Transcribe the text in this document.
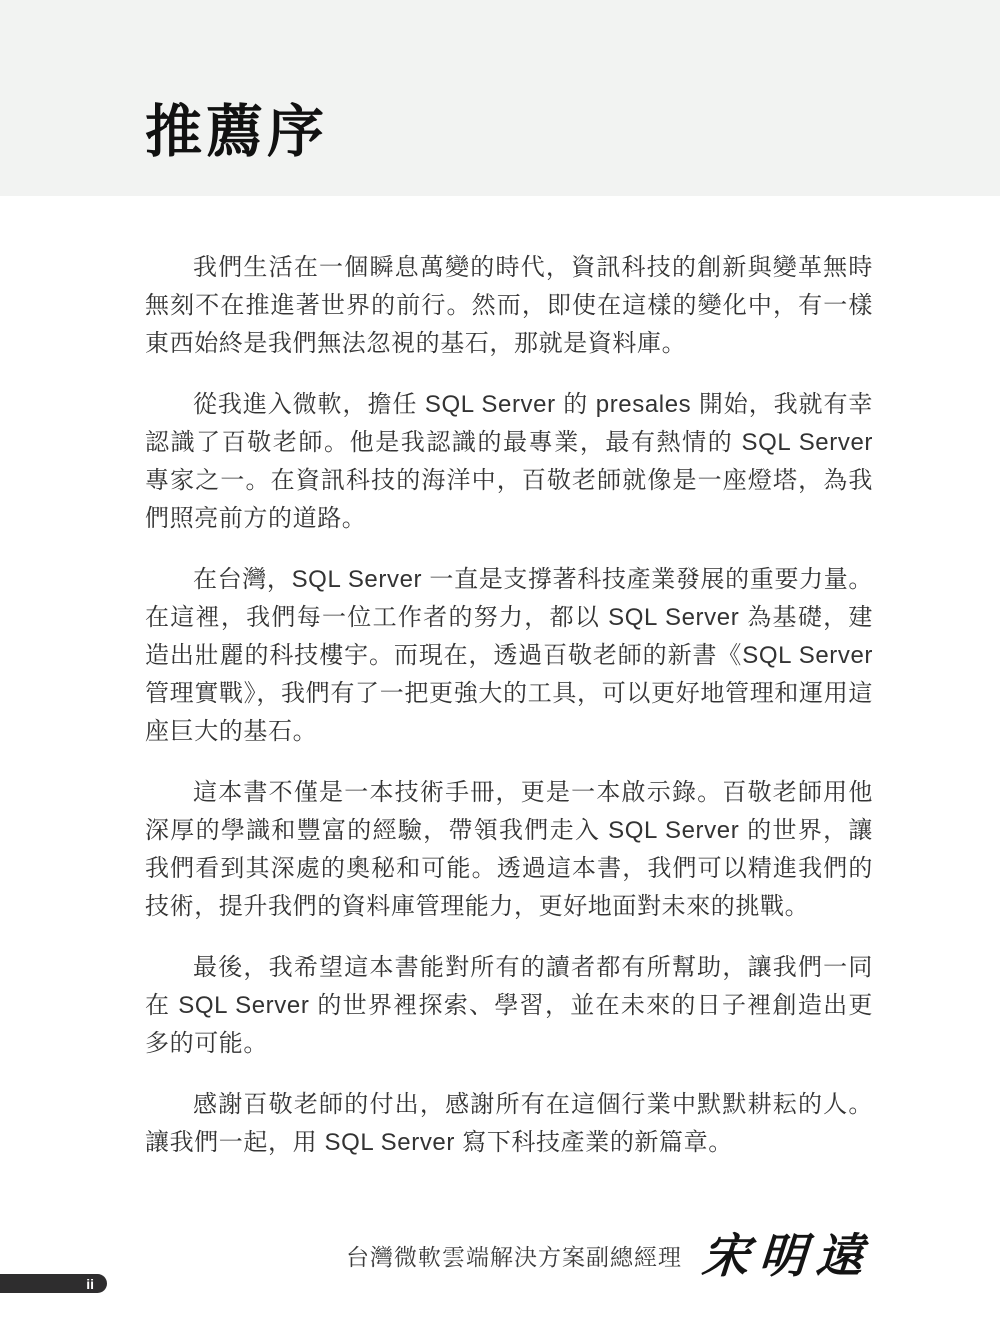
推薦序

我們生活在一個瞬息萬變的時代，資訊科技的創新與變革無時無刻不在推進著世界的前行。然而，即使在這樣的變化中，有一樣東西始終是我們無法忽視的基石，那就是資料庫。

從我進入微軟，擔任 SQL Server 的 presales 開始，我就有幸認識了百敬老師。他是我認識的最專業，最有熱情的 SQL Server 專家之一。在資訊科技的海洋中，百敬老師就像是一座燈塔，為我們照亮前方的道路。

在台灣，SQL Server 一直是支撐著科技產業發展的重要力量。在這裡，我們每一位工作者的努力，都以 SQL Server 為基礎，建造出壯麗的科技樓宇。而現在，透過百敬老師的新書《SQL Server 管理實戰》，我們有了一把更強大的工具，可以更好地管理和運用這座巨大的基石。

這本書不僅是一本技術手冊，更是一本啟示錄。百敬老師用他深厚的學識和豐富的經驗，帶領我們走入 SQL Server 的世界，讓我們看到其深處的奧秘和可能。透過這本書，我們可以精進我們的技術，提升我們的資料庫管理能力，更好地面對未來的挑戰。

最後，我希望這本書能對所有的讀者都有所幫助，讓我們一同在 SQL Server 的世界裡探索、學習，並在未來的日子裡創造出更多的可能。

感謝百敬老師的付出，感謝所有在這個行業中默默耕耘的人。讓我們一起，用 SQL Server 寫下科技產業的新篇章。

台灣微軟雲端解決方案副總經理 宋明遠
ii
